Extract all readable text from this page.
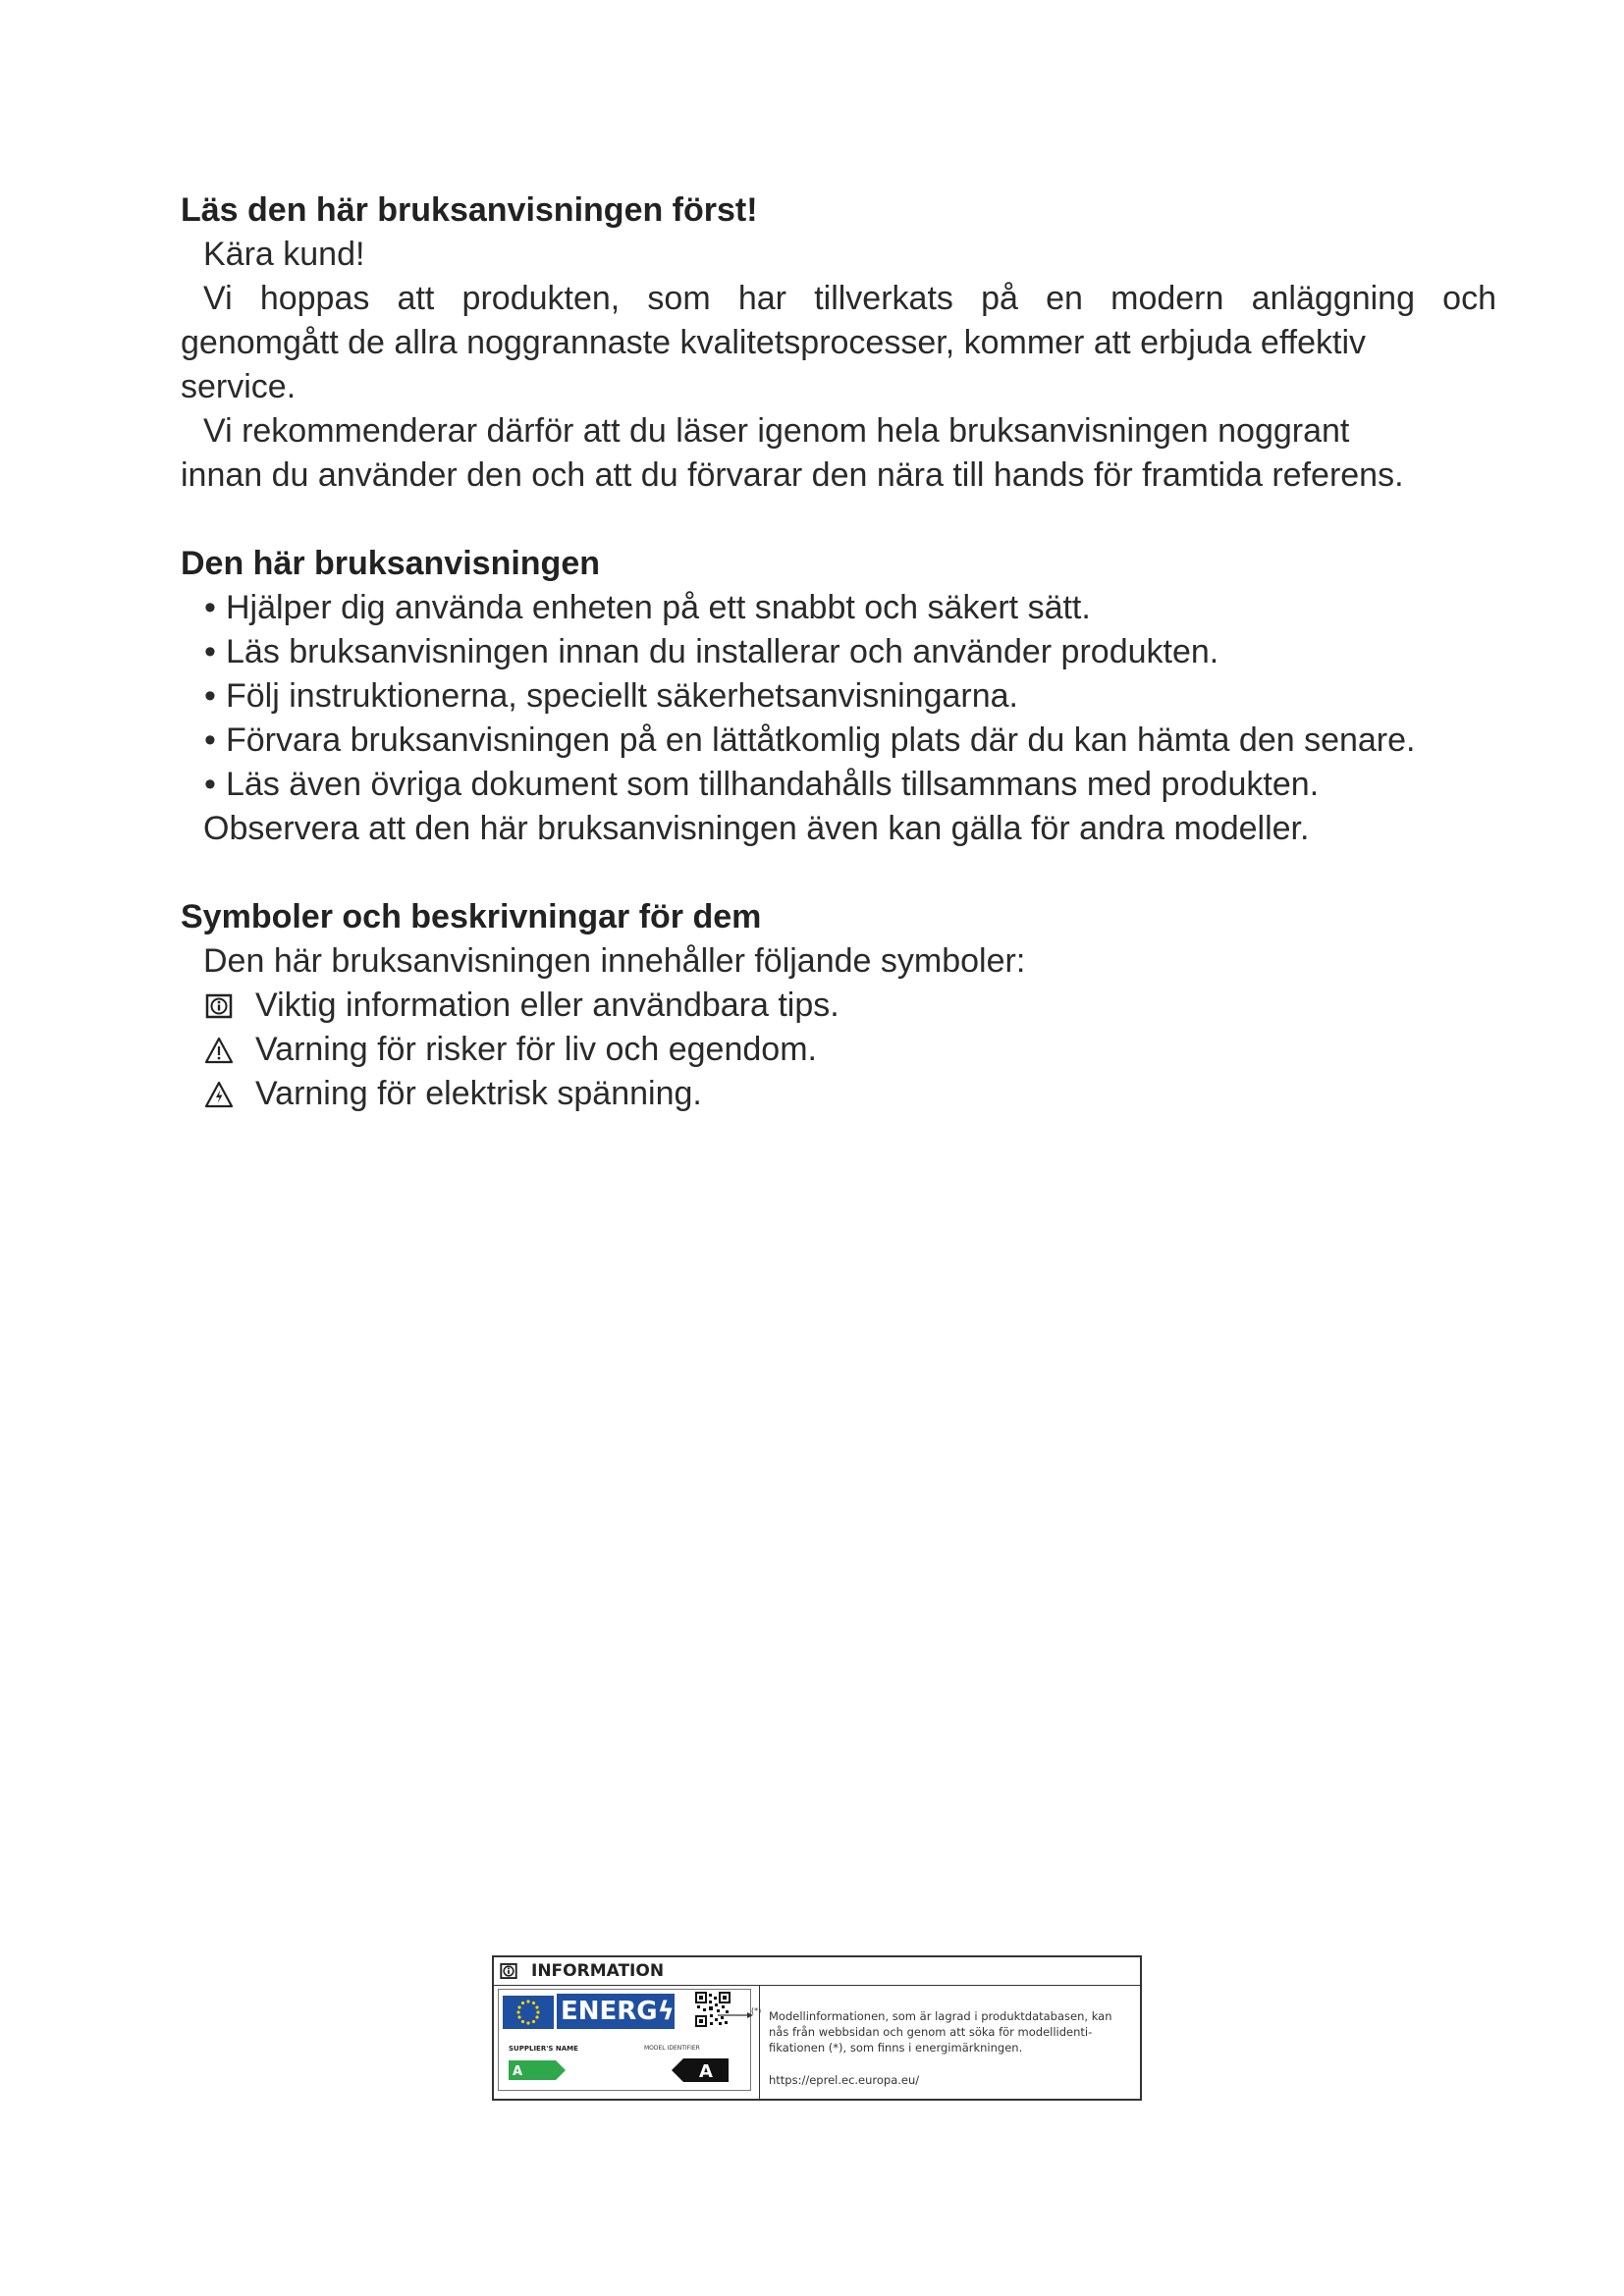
Läs den här bruksanvisningen först!

Kära kund!

Vi hoppas att produkten, som har tillverkats på en modern anläggning och

genomgått de allra noggrannaste kvalitetsprocesser, kommer att erbjuda effektiv

service.

Vi rekommenderar därför att du läser igenom hela bruksanvisningen noggrant

innan du använder den och att du förvarar den nära till hands för framtida referens.

Den här bruksanvisningen
• Hjälper dig använda enheten på ett snabbt och säkert sätt.
• Läs bruksanvisningen innan du installerar och använder produkten.
• Följ instruktionerna, speciellt säkerhetsanvisningarna.
• Förvara bruksanvisningen på en lättåtkomlig plats där du kan hämta den senare.
• Läs även övriga dokument som tillhandahålls tillsammans med produkten.

Observera att den här bruksanvisningen även kan gälla för andra modeller.

Symboler och beskrivningar för dem

Den här bruksanvisningen innehåller följande symboler:

Viktig information eller användbara tips.
Varning för risker för liv och egendom.
Varning för elektrisk spänning.
INFORMATION
ENERGϟ
SUPPLIER'S NAME	MODEL IDENTIFIER
A	A
(*) Modellinformationen, som är lagrad i produktdatabasen, kan nås från webbsidan och genom att söka för modellidenti-fikationen (*), som finns i energimärkningen.
https://eprel.ec.europa.eu/
